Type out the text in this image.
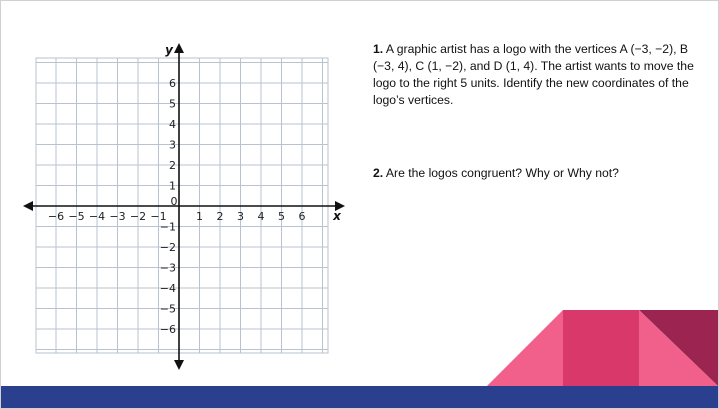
−6 −5 −4 −3 −2 −1	1 2 3 4 5 6
0
6
5
4
3
2
1
−1
−2
−3
−4
−5
−6
x
y	1. A graphic artist has a logo with the vertices A (−3, −2), B (−3, 4), C (1, −2), and D (1, 4). The artist wants to move the logo to the right 5 units. Identify the new coordinates of the logo’s vertices.

2. Are the logos congruent? Why or Why not?
